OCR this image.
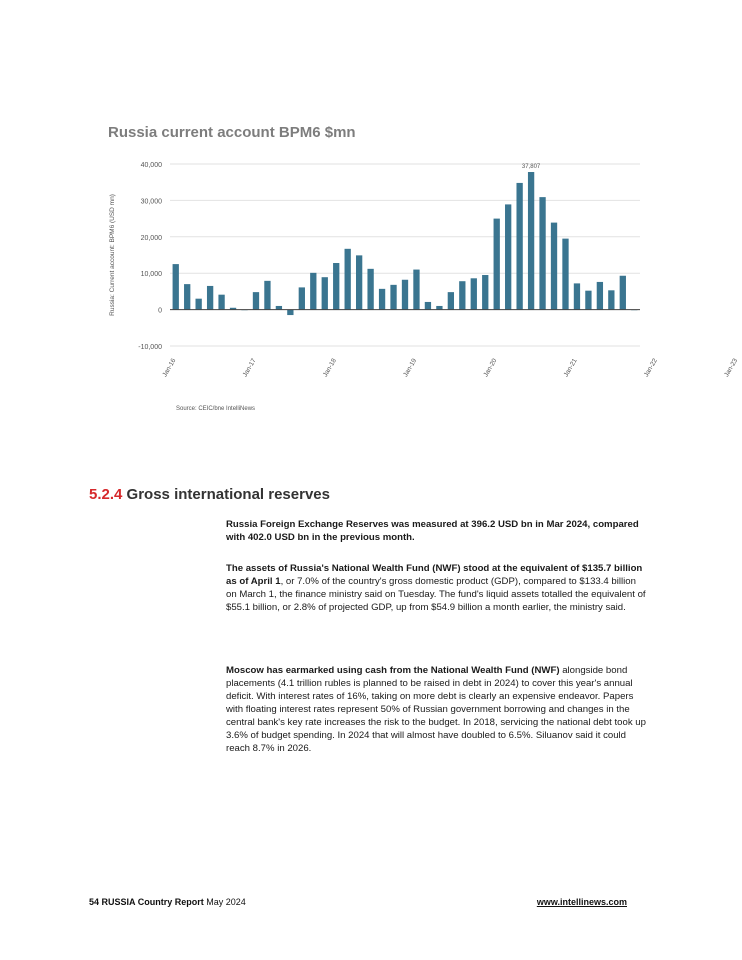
Russia current account BPM6 $mn
40,000
30,000
20,000
10,000
0
-10,000
Russia: Current account: BPM6 (USD mn)
37,807
Jan-16	Jan-17	Jan-18	Jan-19	Jan-20	Jan-21	Jan-22	Jan-23
Source: CEIC/bne IntelliNews
5.2.4 Gross international reserves
Russia Foreign Exchange Reserves was measured at 396.2 USD bn in Mar 2024, compared with 402.0 USD bn in the previous month.
The assets of Russia's National Wealth Fund (NWF) stood at the equivalent of $135.7 billion as of April 1, or 7.0% of the country's gross domestic product (GDP), compared to $133.4 billion on March 1, the finance ministry said on Tuesday. The fund's liquid assets totalled the equivalent of $55.1 billion, or 2.8% of projected GDP, up from $54.9 billion a month earlier, the ministry said.
Moscow has earmarked using cash from the National Wealth Fund (NWF) alongside bond placements (4.1 trillion rubles is planned to be raised in debt in 2024) to cover this year's annual deficit. With interest rates of 16%, taking on more debt is clearly an expensive endeavor. Papers with floating interest rates represent 50% of Russian government borrowing and changes in the central bank's key rate increases the risk to the budget. In 2018, servicing the national debt took up 3.6% of budget spending. In 2024 that will almost have doubled to 6.5%. Siluanov said it could reach 8.7% in 2026.
54 RUSSIA Country Report May 2024	www.intellinews.com
